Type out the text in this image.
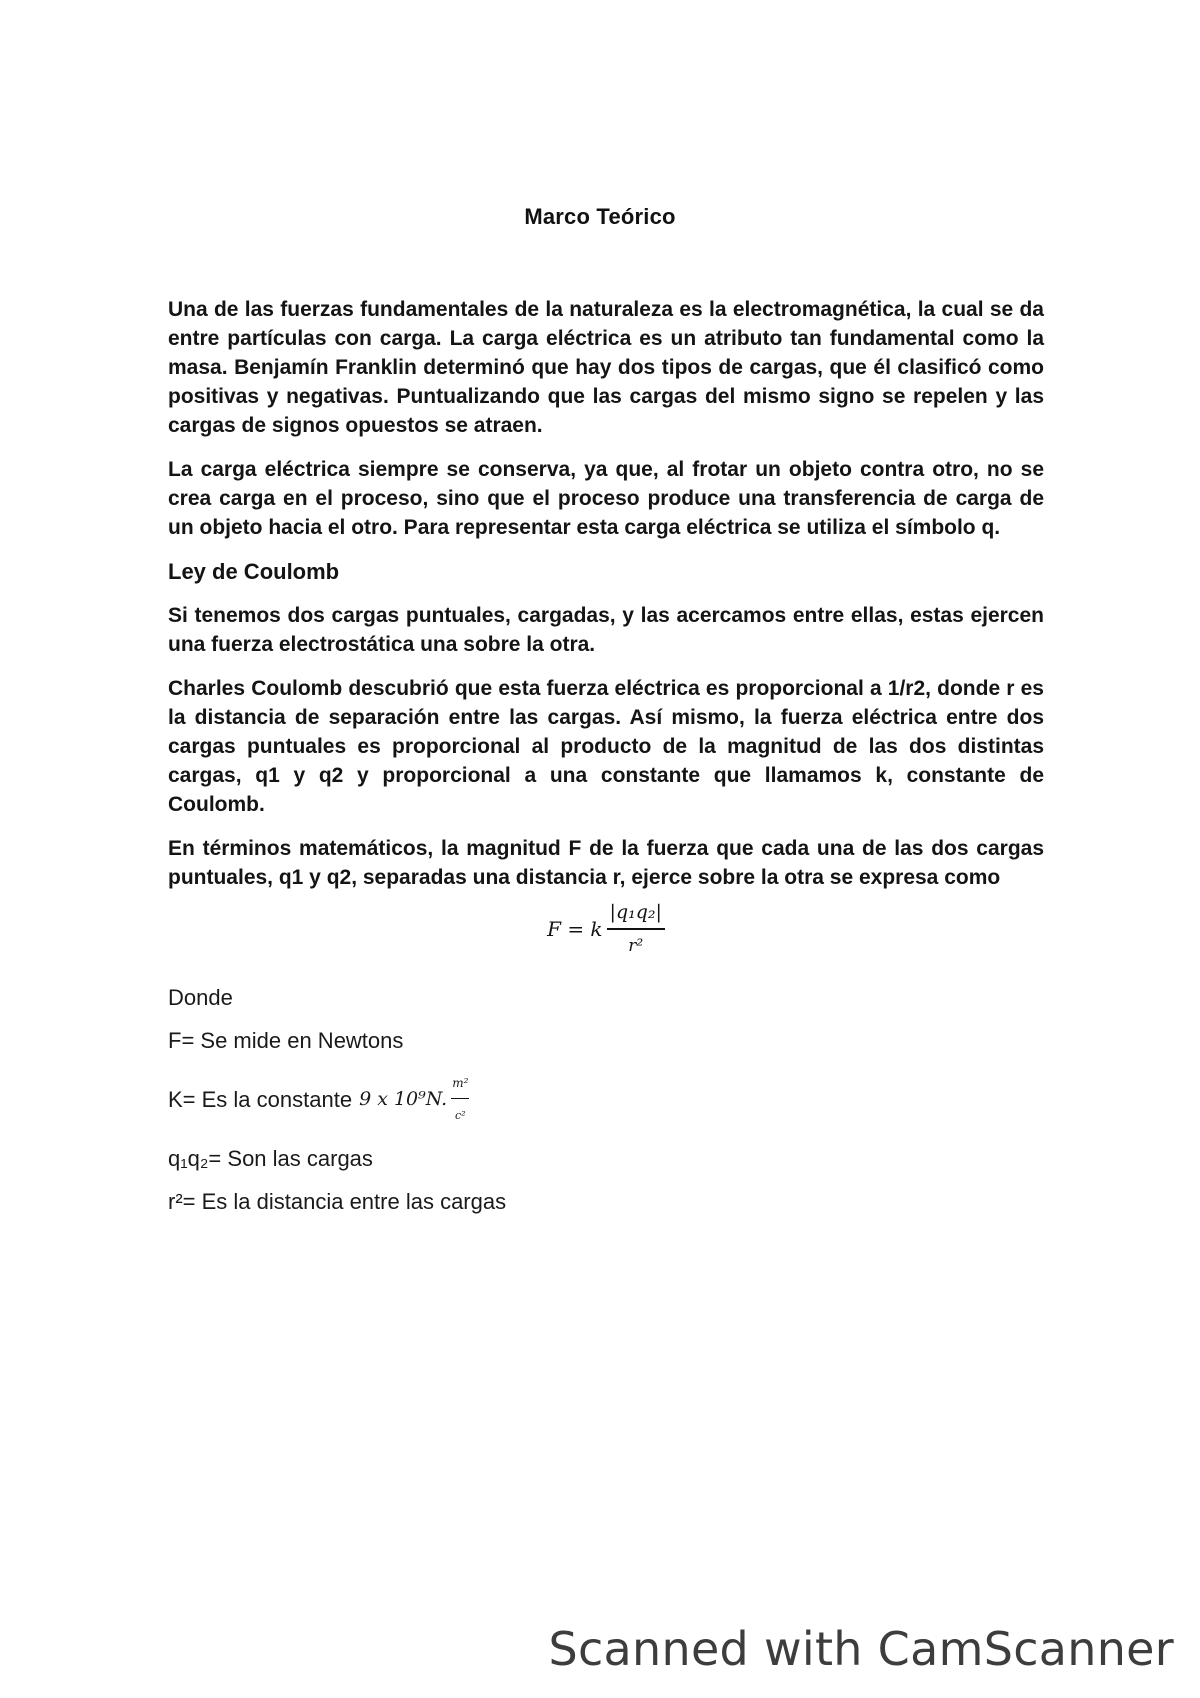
Marco Teórico

Una de las fuerzas fundamentales de la naturaleza es la electromagnética, la cual se da entre partículas con carga. La carga eléctrica es un atributo tan fundamental como la masa. Benjamín Franklin determinó que hay dos tipos de cargas, que él clasificó como positivas y negativas. Puntualizando que las cargas del mismo signo se repelen y las cargas de signos opuestos se atraen.

La carga eléctrica siempre se conserva, ya que, al frotar un objeto contra otro, no se crea carga en el proceso, sino que el proceso produce una transferencia de carga de un objeto hacia el otro. Para representar esta carga eléctrica se utiliza el símbolo q.

Ley de Coulomb

Si tenemos dos cargas puntuales, cargadas, y las acercamos entre ellas, estas ejercen una fuerza electrostática una sobre la otra.

Charles Coulomb descubrió que esta fuerza eléctrica es proporcional a 1/r2, donde r es la distancia de separación entre las cargas. Así mismo, la fuerza eléctrica entre dos cargas puntuales es proporcional al producto de la magnitud de las dos distintas cargas, q1 y q2 y proporcional a una constante que llamamos k, constante de Coulomb.

En términos matemáticos, la magnitud F de la fuerza que cada una de las dos cargas puntuales, q1 y q2, separadas una distancia r, ejerce sobre la otra se expresa como

F = k $\frac{\text{|q₁q₂|}}{\text{r²}}$

Donde

F= Se mide en Newtons

K= Es la constante 9 x 10⁹N. $\frac{\text{m²}}{\text{c²}}$

q₁q₂= Son las cargas

r²= Es la distancia entre las cargas

Scanned with CamScanner
